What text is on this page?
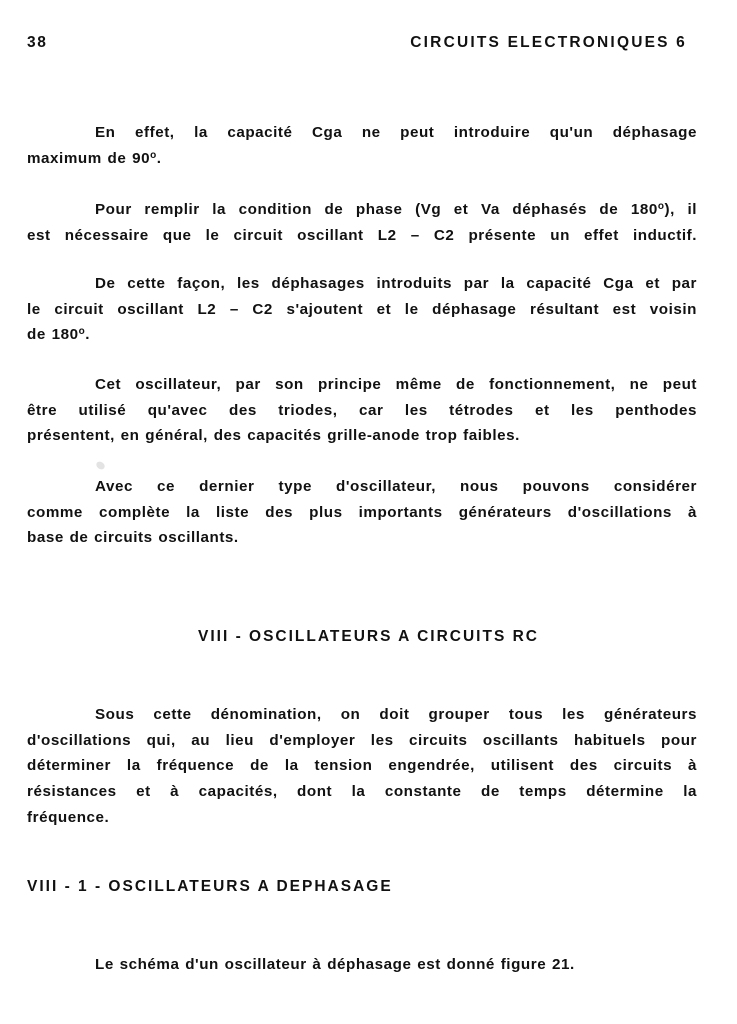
38	CIRCUITS ELECTRONIQUES 6
En effet, la capacité Cga ne peut introduire qu'un déphasage
maximum de 90$^o$.
Pour remplir la condition de phase (Vg et Va déphasés de 180$^o$), il
est nécessaire que le circuit oscillant L2 – C2 présente un effet inductif.
De cette façon, les déphasages introduits par la capacité Cga et par
le circuit oscillant L2 – C2 s'ajoutent et le déphasage résultant est voisin
de 180$^o$.
Cet oscillateur, par son principe même de fonctionnement, ne peut
être utilisé qu'avec des triodes, car les tétrodes et les penthodes
présentent, en général, des capacités grille-anode trop faibles.
Avec ce dernier type d'oscillateur, nous pouvons considérer
comme complète la liste des plus importants générateurs d'oscillations à
base de circuits oscillants.
VIII - OSCILLATEURS A CIRCUITS RC
Sous cette dénomination, on doit grouper tous les générateurs
d'oscillations qui, au lieu d'employer les circuits oscillants habituels pour
déterminer la fréquence de la tension engendrée, utilisent des circuits à
résistances et à capacités, dont la constante de temps détermine la
fréquence.
VIII - 1 - OSCILLATEURS A DEPHASAGE
Le schéma d'un oscillateur à déphasage est donné figure 21.
